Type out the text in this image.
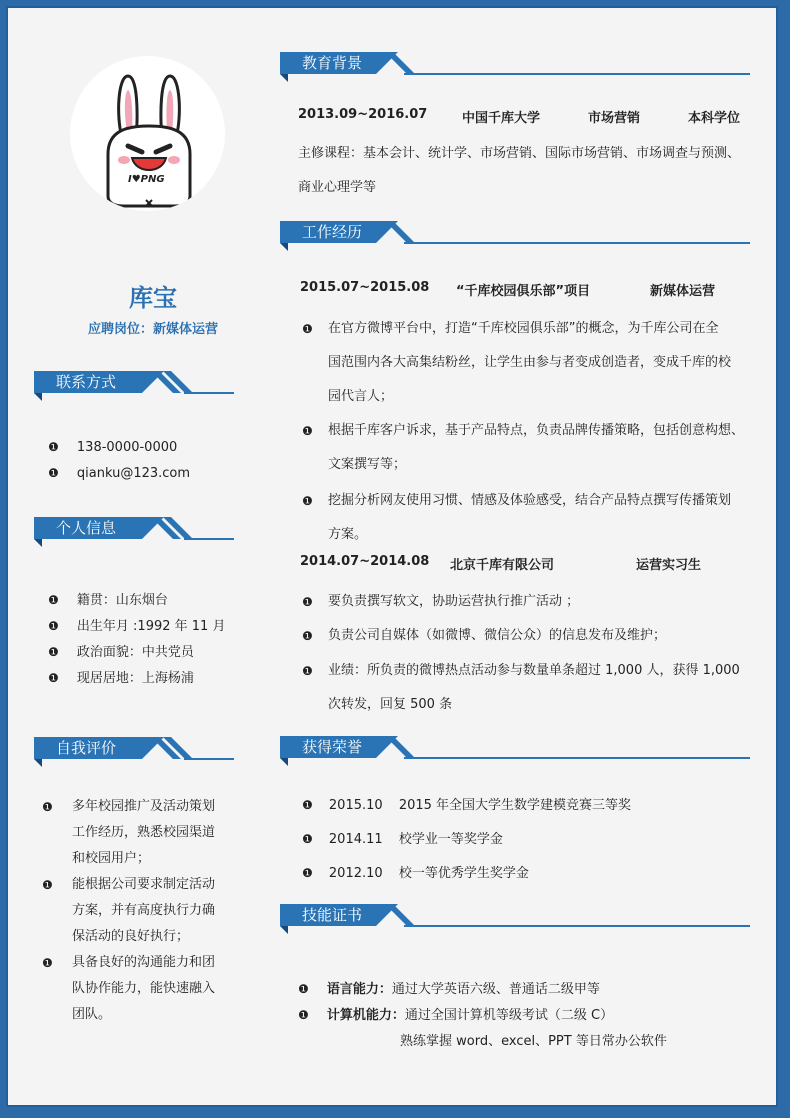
I♥PNG
库宝
应聘岗位：新媒体运营
联系方式
❶ 138-0000-0000
❶ qianku@123.com
个人信息
❶ 籍贯：山东烟台
❶ 出生年月 :1992 年 11 月
❶ 政治面貌：中共党员
❶ 现居居地：上海杨浦
自我评价
❶ 多年校园推广及活动策划
工作经历，熟悉校园渠道
和校园用户；
❶ 能根据公司要求制定活动
方案，并有高度执行力确
保活动的良好执行；
❶ 具备良好的沟通能力和团
队协作能力，能快速融入
团队。
教育背景
2013.09~2016.07	中国千库大学	市场营销	本科学位
主修课程：基本会计、统计学、市场营销、国际市场营销、市场调查与预测、
商业心理学等
工作经历
2015.07~2015.08 “千库校园俱乐部”项目	新媒体运营
❶ 在官方微博平台中，打造“千库校园俱乐部”的概念，为千库公司在全
国范围内各大高集结粉丝，让学生由参与者变成创造者，变成千库的校
园代言人；
❶ 根据千库客户诉求，基于产品特点，负责品牌传播策略，包括创意构想、
文案撰写等；
❶ 挖掘分析网友使用习惯、情感及体验感受，结合产品特点撰写传播策划
方案。
2014.07~2014.08 北京千库有限公司	运营实习生
❶ 要负责撰写软文，协助运营执行推广活动 ；
❶ 负责公司自媒体（如微博、微信公众）的信息发布及维护；
❶ 业绩：所负责的微博热点活动参与数量单条超过 1,000 人，获得 1,000
次转发，回复 500 条
获得荣誉
❶ 2015.10 2015 年全国大学生数学建模竞赛三等奖
❶ 2014.11 校学业一等奖学金
❶ 2012.10 校一等优秀学生奖学金
技能证书
❶ 语言能力：通过大学英语六级、普通话二级甲等
❶ 计算机能力：通过全国计算机等级考试（二级 C）
熟练掌握 word、excel、PPT 等日常办公软件
